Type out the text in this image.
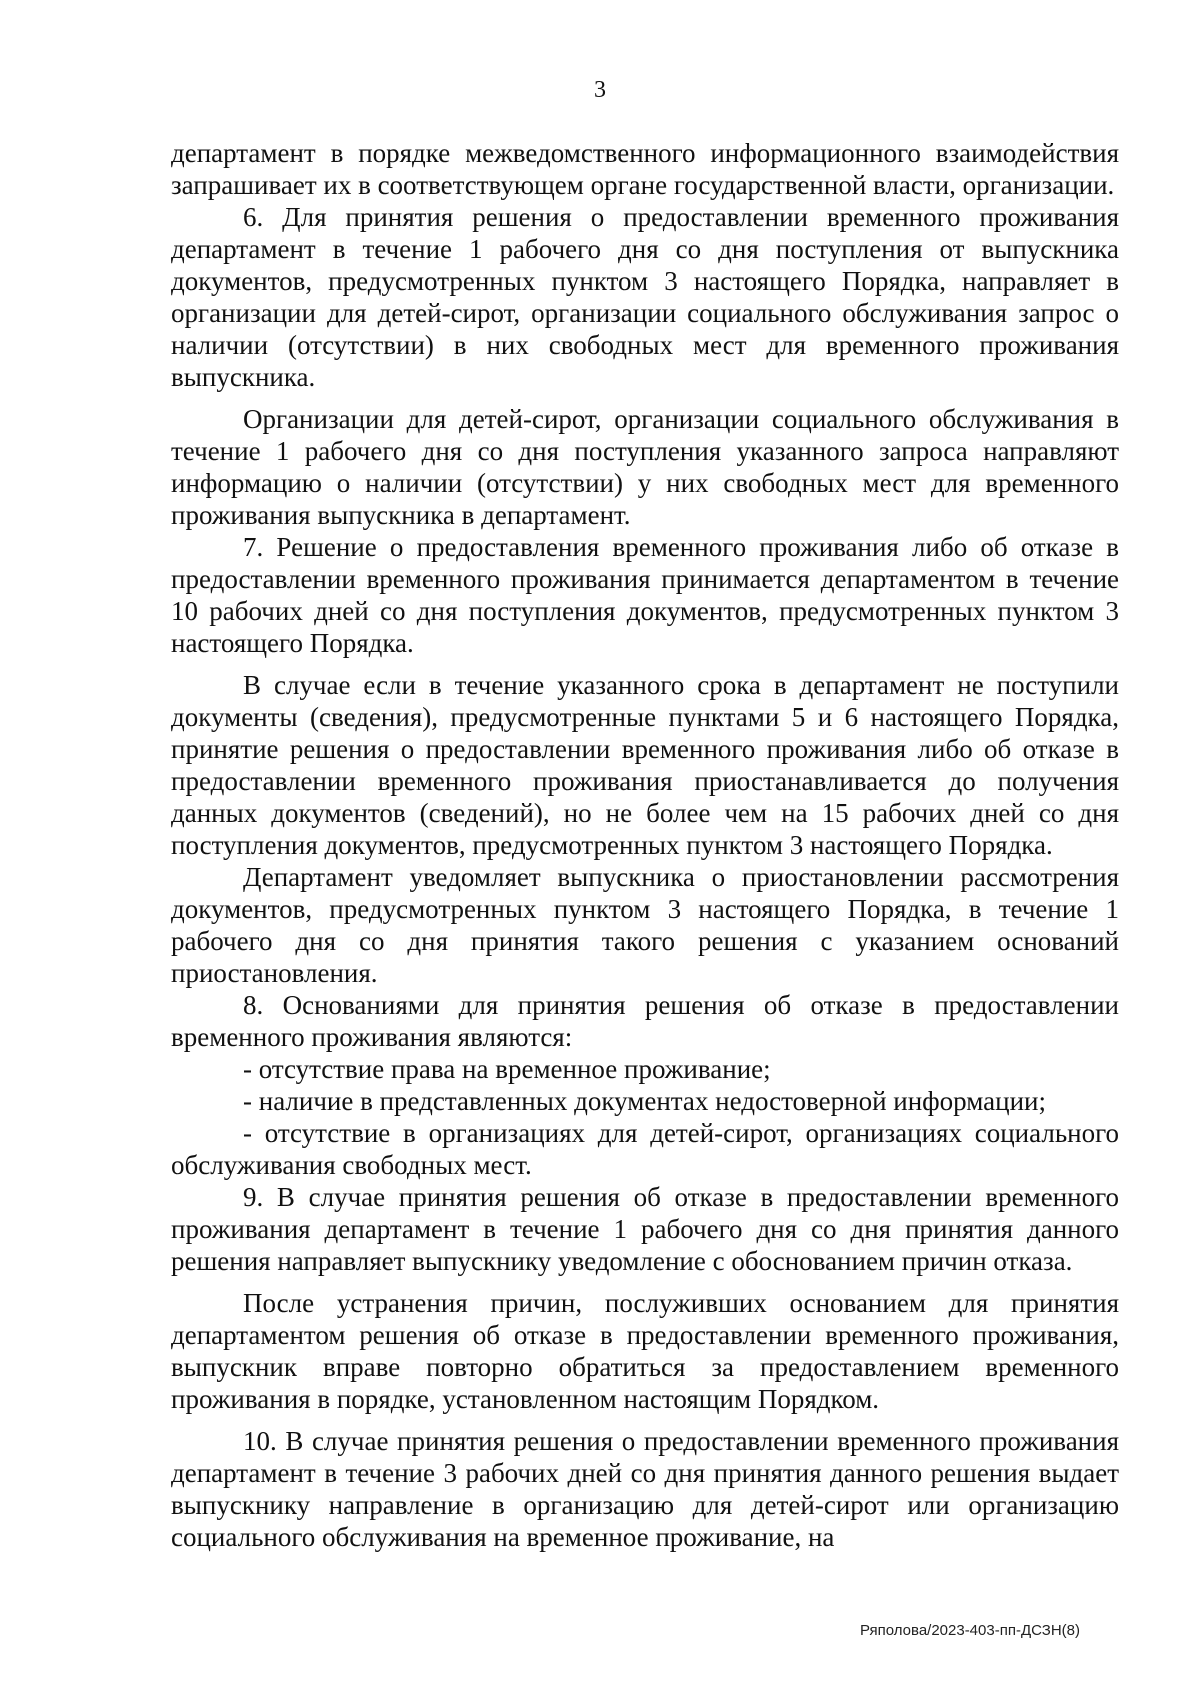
3

департамент в порядке межведомственного информационного взаимодействия запрашивает их в соответствующем органе государственной власти, организации.

6. Для принятия решения о предоставлении временного проживания департамент в течение 1 рабочего дня со дня поступления от выпускника документов, предусмотренных пунктом 3 настоящего Порядка, направляет в организации для детей-сирот, организации социального обслуживания запрос о наличии (отсутствии) в них свободных мест для временного проживания выпускника.

Организации для детей-сирот, организации социального обслуживания в течение 1 рабочего дня со дня поступления указанного запроса направляют информацию о наличии (отсутствии) у них свободных мест для временного проживания выпускника в департамент.

7. Решение о предоставления временного проживания либо об отказе в предоставлении временного проживания принимается департаментом в течение 10 рабочих дней со дня поступления документов, предусмотренных пунктом 3 настоящего Порядка.

В случае если в течение указанного срока в департамент не поступили документы (сведения), предусмотренные пунктами 5 и 6 настоящего Порядка, принятие решения о предоставлении временного проживания либо об отказе в предоставлении временного проживания приостанавливается до получения данных документов (сведений), но не более чем на 15 рабочих дней со дня поступления документов, предусмотренных пунктом 3 настоящего Порядка.

Департамент уведомляет выпускника о приостановлении рассмотрения документов, предусмотренных пунктом 3 настоящего Порядка, в течение 1 рабочего дня со дня принятия такого решения с указанием оснований приостановления.

8. Основаниями для принятия решения об отказе в предоставлении временного проживания являются:

- отсутствие права на временное проживание;

- наличие в представленных документах недостоверной информации;

- отсутствие в организациях для детей-сирот, организациях социального обслуживания свободных мест.

9. В случае принятия решения об отказе в предоставлении временного проживания департамент в течение 1 рабочего дня со дня принятия данного решения направляет выпускнику уведомление с обоснованием причин отказа.

После устранения причин, послуживших основанием для принятия департаментом решения об отказе в предоставлении временного проживания, выпускник вправе повторно обратиться за предоставлением временного проживания в порядке, установленном настоящим Порядком.

10. В случае принятия решения о предоставлении временного проживания департамент в течение 3 рабочих дней со дня принятия данного решения выдает выпускнику направление в организацию для детей-сирот или организацию социального обслуживания на временное проживание, на

Ряполова/2023-403-пп-ДСЗН(8)
